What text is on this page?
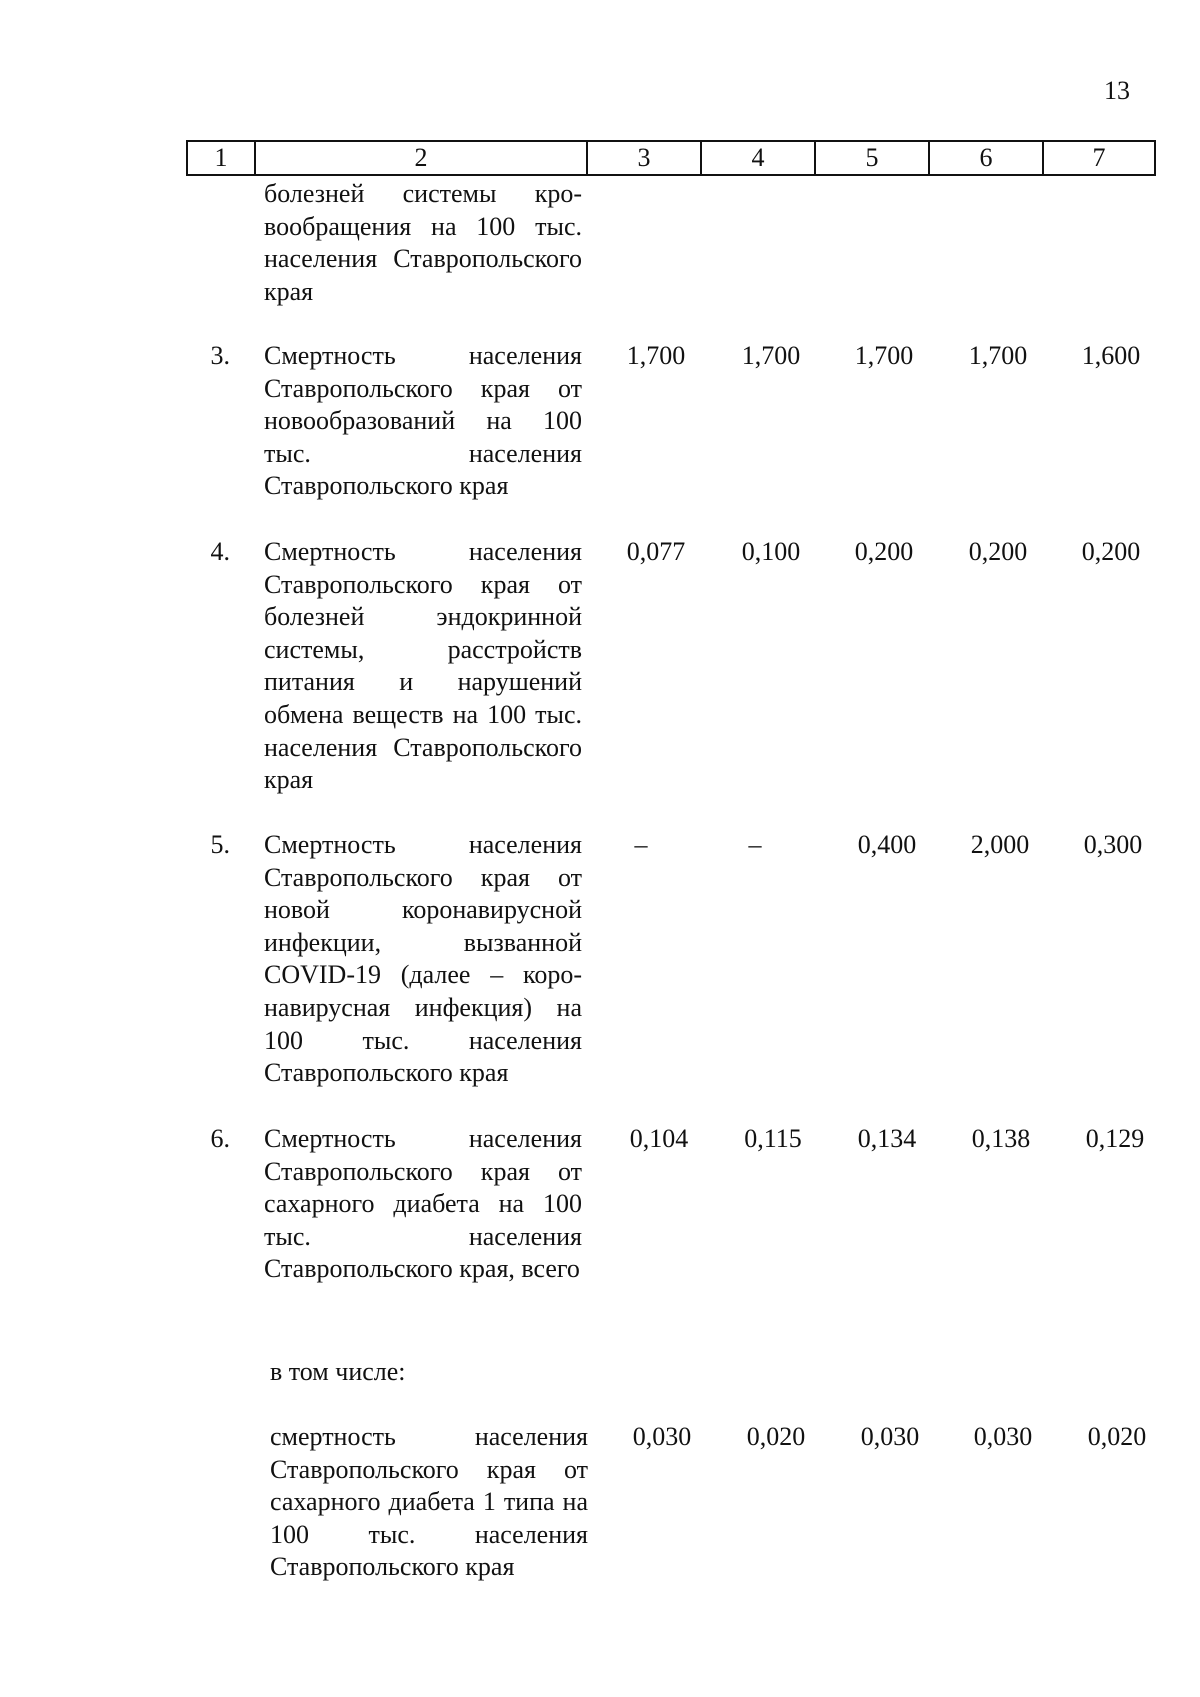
13
1	2	3	4	5	6	7
болезней системы кровообращения на 100 тыс. населения Ставропольского края
3. Смертность населения Ставропольского края от новообразований на 100 тыс. населения Ставропольского края
1,700	1,700	1,700	1,700	1,600
4. Смертность населения Ставропольского края от болезней эндокринной системы, расстройств питания и нарушений обмена веществ на 100 тыс. населения Ставропольского края
0,077	0,100	0,200	0,200	0,200
5. Смертность населения Ставропольского края от новой коронавирусной инфекции, вызванной COVID-19 (далее – коронавирусная инфекция) на 100 тыс. населения Ставропольского края
–	–	0,400	2,000	0,300
6. Смертность населения Ставропольского края от сахарного диабета на 100 тыс. населения Ставропольского края, всего
0,104	0,115	0,134	0,138	0,129
в том числе:
смертность населения Ставропольского края от сахарного диабета 1 типа на 100 тыс. населения Ставропольского края
0,030	0,020	0,030	0,030	0,020
